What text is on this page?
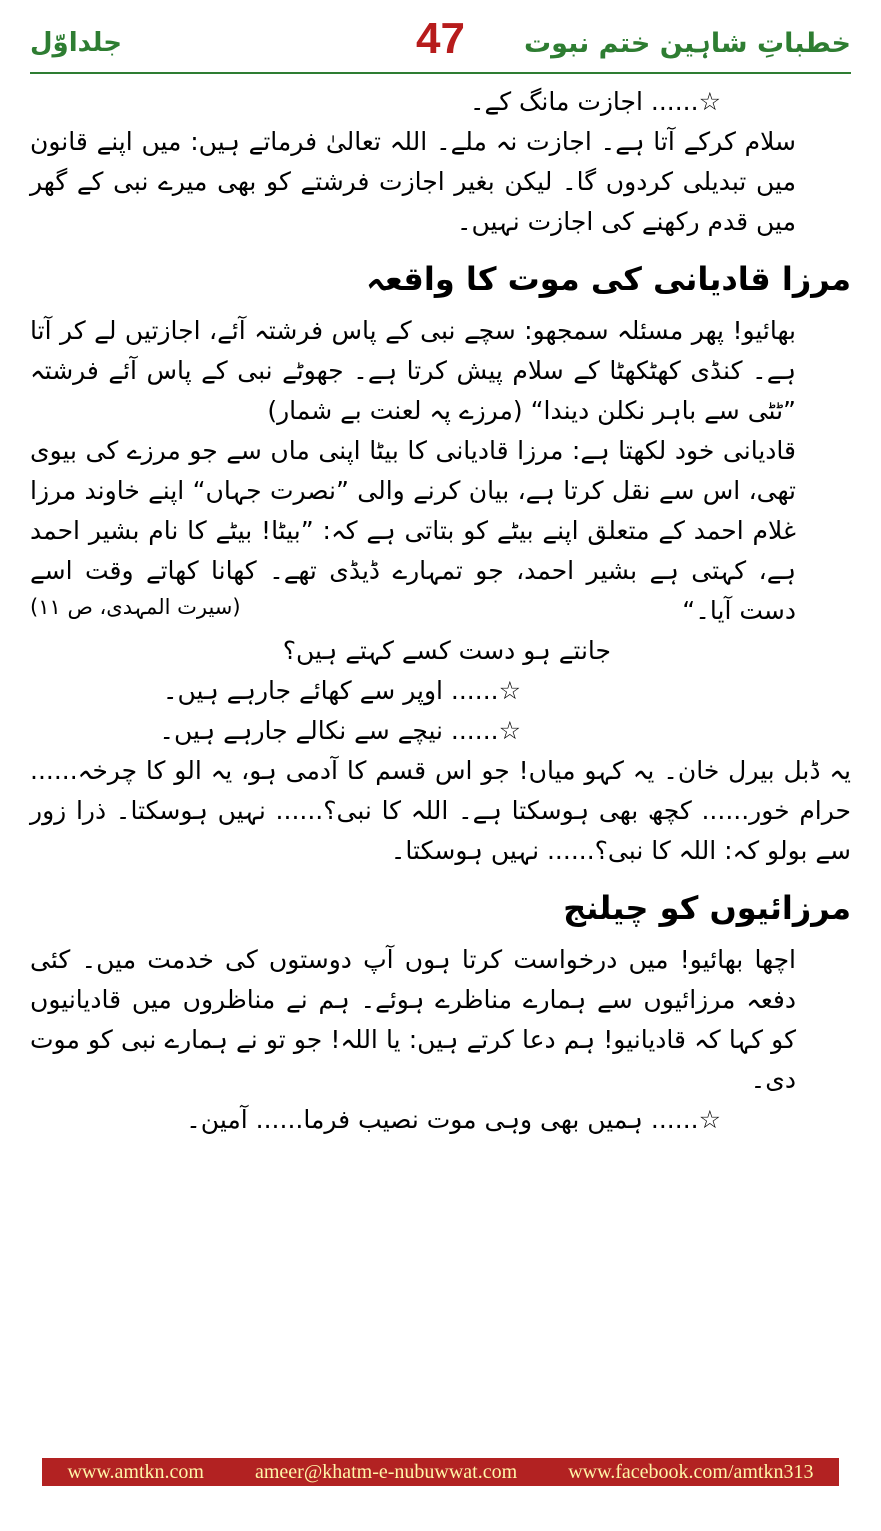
جلداوّل	47	خطباتِ شاہین ختم نبوت

☆...... اجازت مانگ کے۔

سلام کرکے آتا ہے۔ اجازت نہ ملے۔ اللہ تعالیٰ فرماتے ہیں: میں اپنے قانون میں تبدیلی کردوں گا۔ لیکن بغیر اجازت فرشتے کو بھی میرے نبی کے گھر میں قدم رکھنے کی اجازت نہیں۔

مرزا قادیانی کی موت کا واقعہ

بھائیو! پھر مسئلہ سمجھو: سچے نبی کے پاس فرشتہ آئے، اجازتیں لے کر آتا ہے۔ کنڈی کھٹکھٹا کے سلام پیش کرتا ہے۔ جھوٹے نبی کے پاس آئے فرشتہ ”ٹٹی سے باہر نکلن دیندا“ (مرزے پہ لعنت بے شمار)

قادیانی خود لکھتا ہے: مرزا قادیانی کا بیٹا اپنی ماں سے جو مرزے کی بیوی تھی، اس سے نقل کرتا ہے، بیان کرنے والی ”نصرت جہاں“ اپنے خاوند مرزا غلام احمد کے متعلق اپنے بیٹے کو بتاتی ہے کہ: ”بیٹا! بیٹے کا نام بشیر احمد ہے، کہتی ہے بشیر احمد، جو تمہارے ڈیڈی تھے۔ کھانا کھاتے وقت اسے دست آیا۔“
(سیرت المہدی، ص ۱۱)

جانتے ہو دست کسے کہتے ہیں؟

☆...... اوپر سے کھائے جارہے ہیں۔

☆...... نیچے سے نکالے جارہے ہیں۔

یہ ڈبل بیرل خان۔ یہ کہو میاں! جو اس قسم کا آدمی ہو، یہ الو کا چرخہ...... حرام خور...... کچھ بھی ہوسکتا ہے۔ اللہ کا نبی؟...... نہیں ہوسکتا۔ ذرا زور سے بولو کہ: اللہ کا نبی؟...... نہیں ہوسکتا۔

مرزائیوں کو چیلنج

اچھا بھائیو! میں درخواست کرتا ہوں آپ دوستوں کی خدمت میں۔ کئی دفعہ مرزائیوں سے ہمارے مناظرے ہوئے۔ ہم نے مناظروں میں قادیانیوں کو کہا کہ قادیانیو! ہم دعا کرتے ہیں: یا اللہ! جو تو نے ہمارے نبی کو موت دی۔

☆...... ہمیں بھی وہی موت نصیب فرما...... آمین۔

www.amtkn.com	ameer@khatm-e-nubuwwat.com	www.facebook.com/amtkn313
